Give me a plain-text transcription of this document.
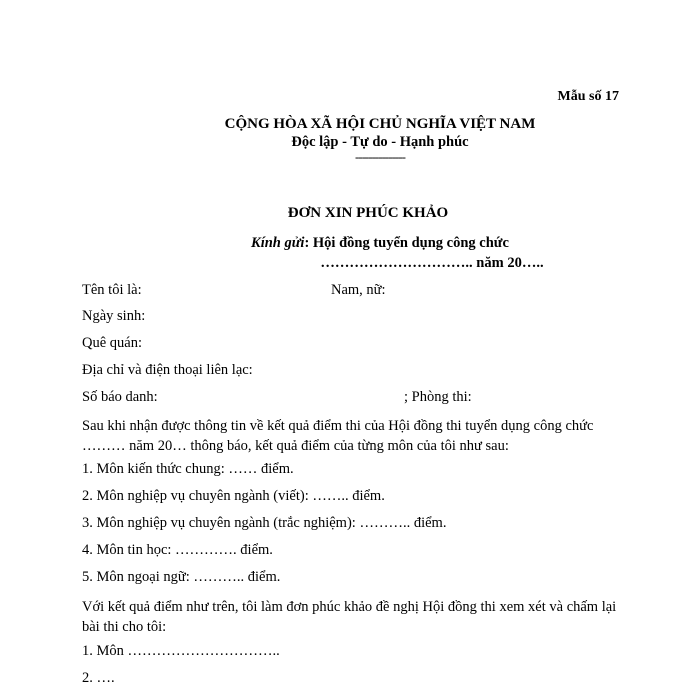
Mẫu số 17
CỘNG HÒA XÃ HỘI CHỦ NGHĨA VIỆT NAM
Độc lập - Tự do - Hạnh phúc
---------------
ĐƠN XIN PHÚC KHẢO
Kính gửi: Hội đồng tuyển dụng công chức
………………………….. năm 20…..
Tên tôi là:	Nam, nữ:
Ngày sinh:
Quê quán:
Địa chỉ và điện thoại liên lạc:
Số báo danh:	; Phòng thi:
Sau khi nhận được thông tin về kết quả điểm thi của Hội đồng thi tuyển dụng công chức ……… năm 20… thông báo, kết quả điểm của từng môn của tôi như sau:
1. Môn kiến thức chung: …… điểm.
2. Môn nghiệp vụ chuyên ngành (viết): …….. điểm.
3. Môn nghiệp vụ chuyên ngành (trắc nghiệm): ……….. điểm.
4. Môn tin học: …………. điểm.
5. Môn ngoại ngữ: ……….. điểm.
Với kết quả điểm như trên, tôi làm đơn phúc khảo đề nghị Hội đồng thi xem xét và chấm lại bài thi cho tôi:
1. Môn …………………………..
2. ….
